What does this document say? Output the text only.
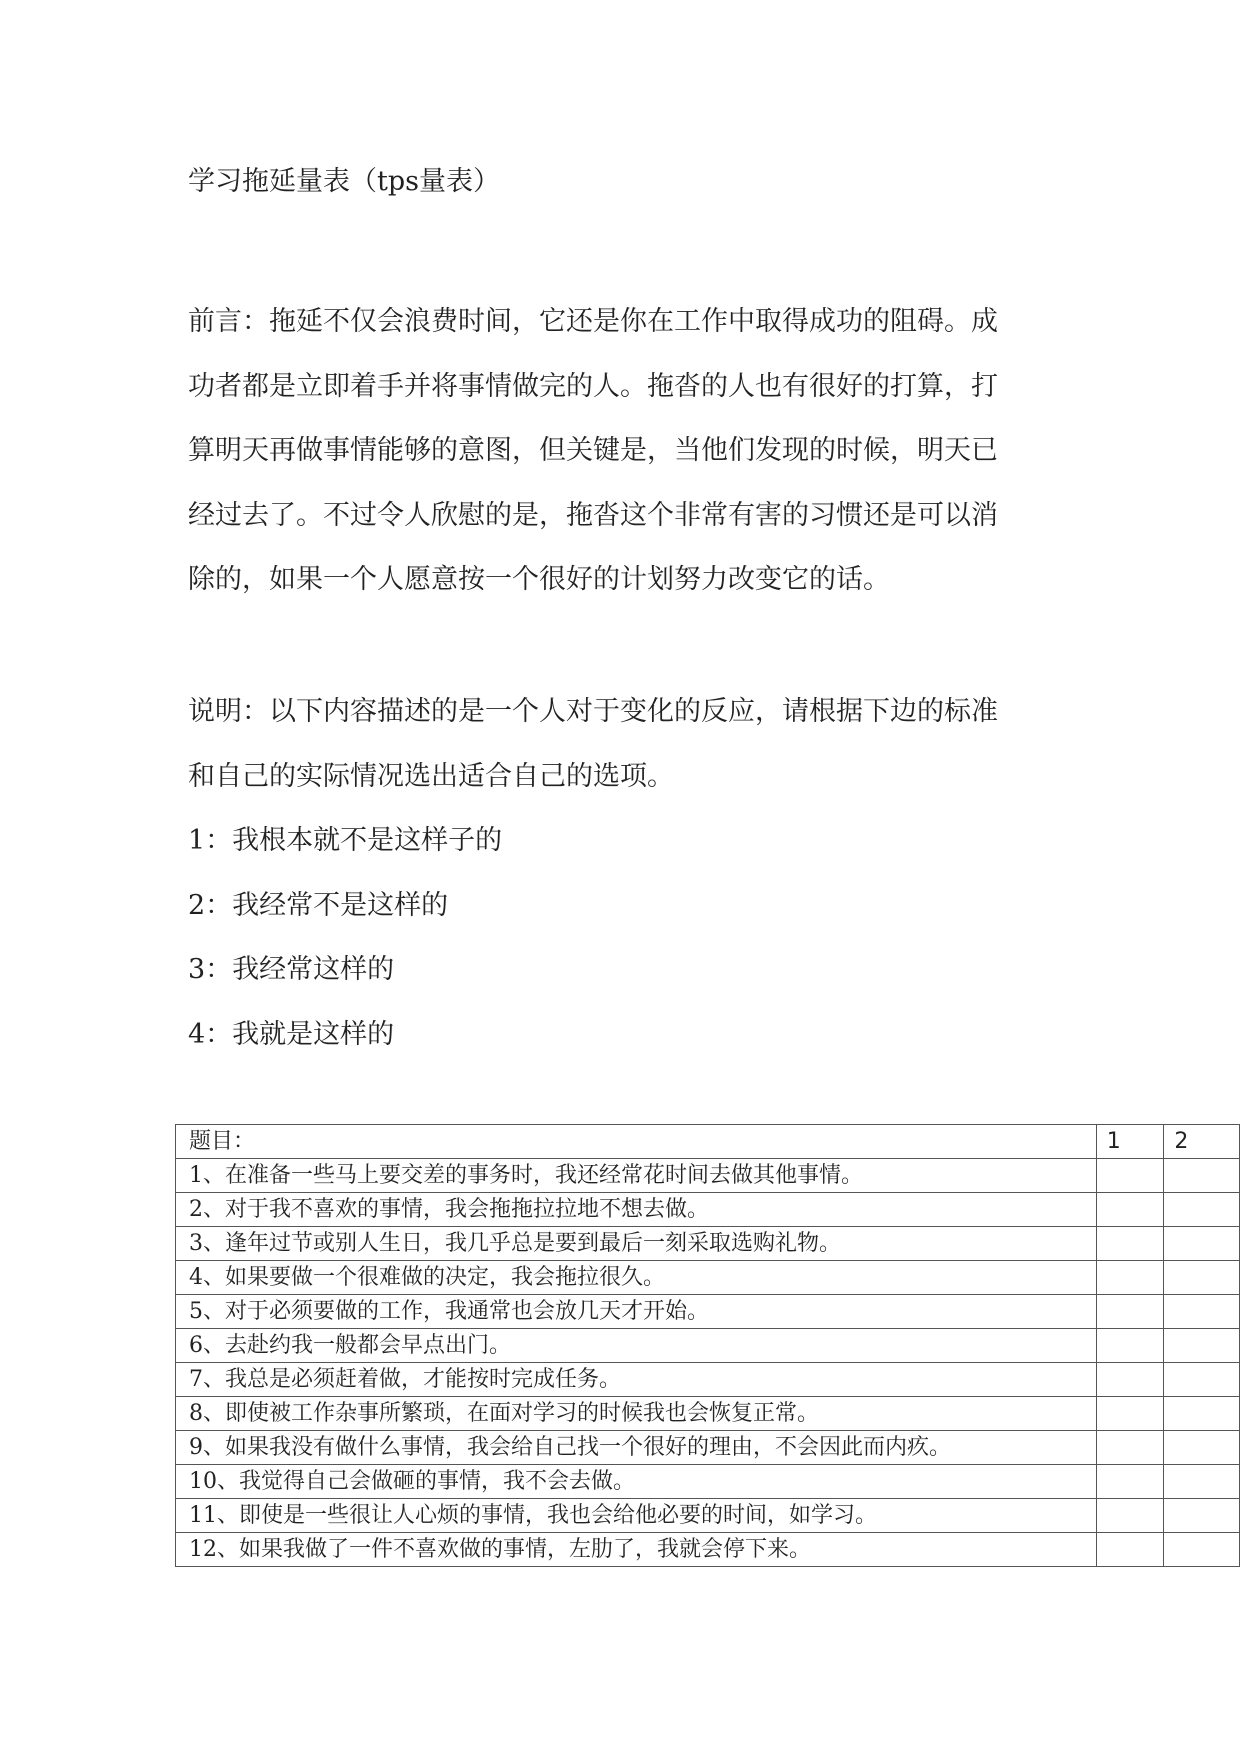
学习拖延量表（tps量表）

前言：拖延不仅会浪费时间，它还是你在工作中取得成功的阻碍。成

功者都是立即着手并将事情做完的人。拖沓的人也有很好的打算，打

算明天再做事情能够的意图，但关键是，当他们发现的时候，明天已

经过去了。不过令人欣慰的是，拖沓这个非常有害的习惯还是可以消

除的，如果一个人愿意按一个很好的计划努力改变它的话。

说明：以下内容描述的是一个人对于变化的反应，请根据下边的标准

和自己的实际情况选出适合自己的选项。

1：我根本就不是这样子的

2：我经常不是这样的

3：我经常这样的

4：我就是这样的

题目：	1	2
1、在准备一些马上要交差的事务时，我还经常花时间去做其他事情。		
2、对于我不喜欢的事情，我会拖拖拉拉地不想去做。		
3、逢年过节或别人生日，我几乎总是要到最后一刻采取选购礼物。		
4、如果要做一个很难做的决定，我会拖拉很久。		
5、对于必须要做的工作，我通常也会放几天才开始。		
6、去赴约我一般都会早点出门。		
7、我总是必须赶着做，才能按时完成任务。		
8、即使被工作杂事所繁琐，在面对学习的时候我也会恢复正常。		
9、如果我没有做什么事情，我会给自己找一个很好的理由，不会因此而内疚。		
10、我觉得自己会做砸的事情，我不会去做。		
11、即使是一些很让人心烦的事情，我也会给他必要的时间，如学习。		
12、如果我做了一件不喜欢做的事情，左肋了，我就会停下来。		
